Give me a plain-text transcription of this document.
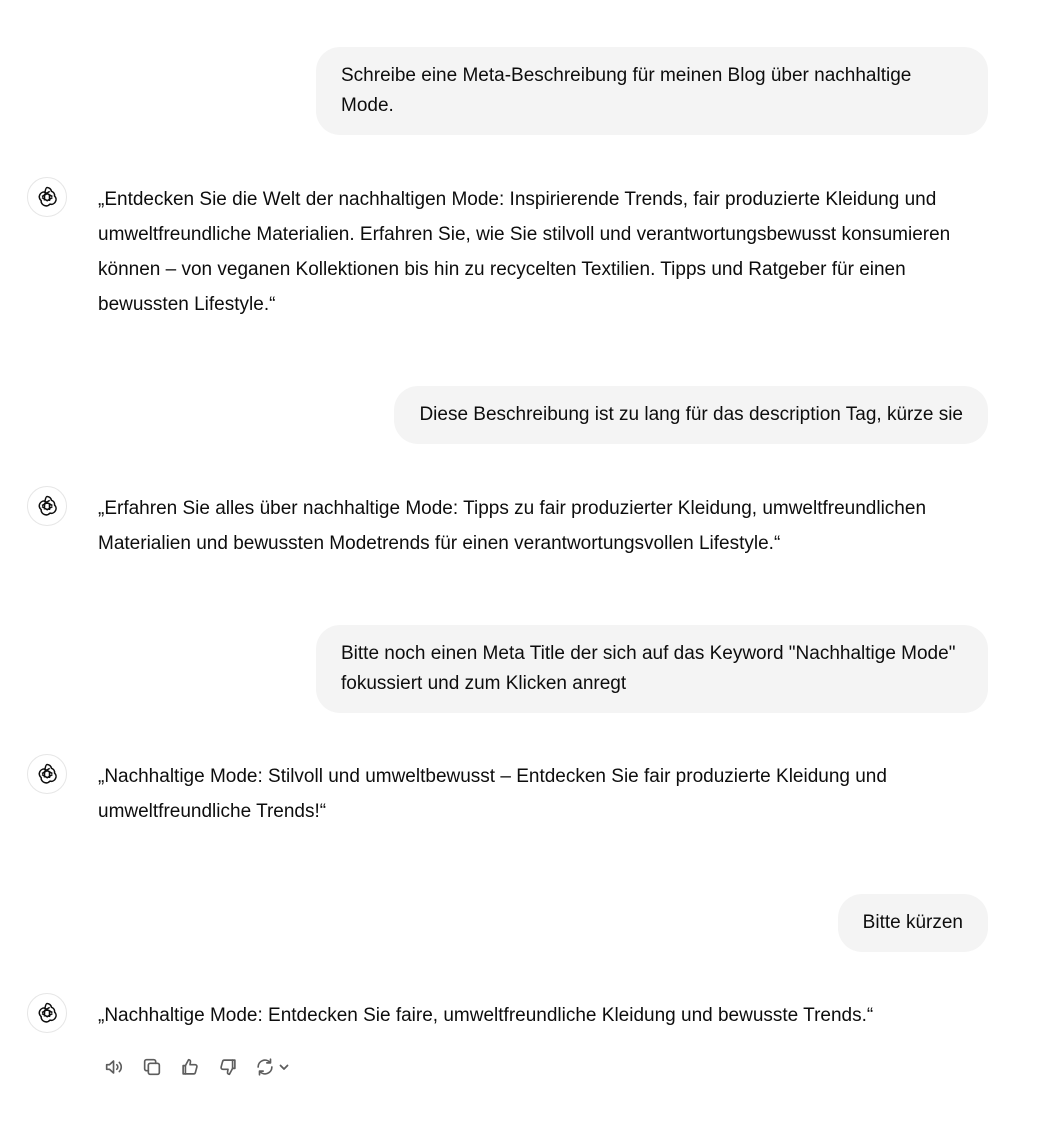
Schreibe eine Meta-Beschreibung für meinen Blog über nachhaltige Mode.
„Entdecken Sie die Welt der nachhaltigen Mode: Inspirierende Trends, fair produzierte Kleidung und umweltfreundliche Materialien. Erfahren Sie, wie Sie stilvoll und verantwortungsbewusst konsumieren können – von veganen Kollektionen bis hin zu recycelten Textilien. Tipps und Ratgeber für einen bewussten Lifestyle.“
Diese Beschreibung ist zu lang für das description Tag, kürze sie
„Erfahren Sie alles über nachhaltige Mode: Tipps zu fair produzierter Kleidung, umweltfreundlichen Materialien und bewussten Modetrends für einen verantwortungsvollen Lifestyle.“
Bitte noch einen Meta Title der sich auf das Keyword "Nachhaltige Mode" fokussiert und zum Klicken anregt
„Nachhaltige Mode: Stilvoll und umweltbewusst – Entdecken Sie fair produzierte Kleidung und umweltfreundliche Trends!“
Bitte kürzen
„Nachhaltige Mode: Entdecken Sie faire, umweltfreundliche Kleidung und bewusste Trends.“
